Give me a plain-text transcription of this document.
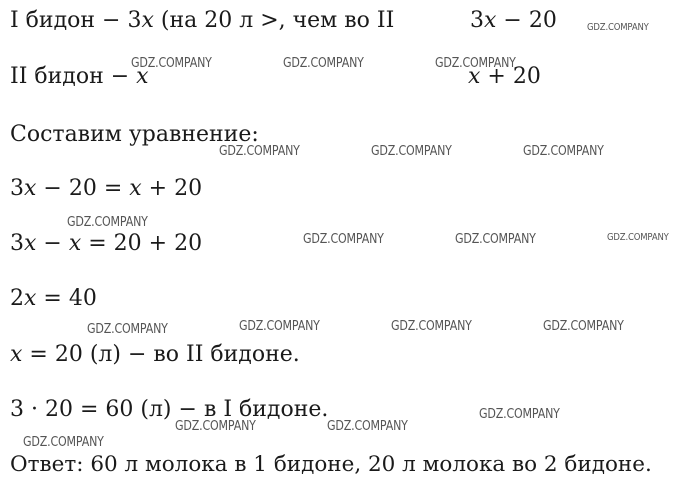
I бидон − 3x (на 20 л >, чем во II	3x − 20
II бидон − x	x + 20
Составим уравнение:
3x − 20 = x + 20
3x − x = 20 + 20
2x = 40
x = 20 (л) − во II бидоне.
3 · 20 = 60 (л) − в I бидоне.
Ответ: 60 л молока в 1 бидоне, 20 л молока во 2 бидоне.
GDZ.COMPANY
GDZ.COMPANY	GDZ.COMPANY	GDZ.COMPANY
GDZ.COMPANY	GDZ.COMPANY	GDZ.COMPANY
GDZ.COMPANY
GDZ.COMPANY	GDZ.COMPANY	GDZ.COMPANY
GDZ.COMPANY	GDZ.COMPANY	GDZ.COMPANY	GDZ.COMPANY
GDZ.COMPANY
GDZ.COMPANY	GDZ.COMPANY
GDZ.COMPANY
